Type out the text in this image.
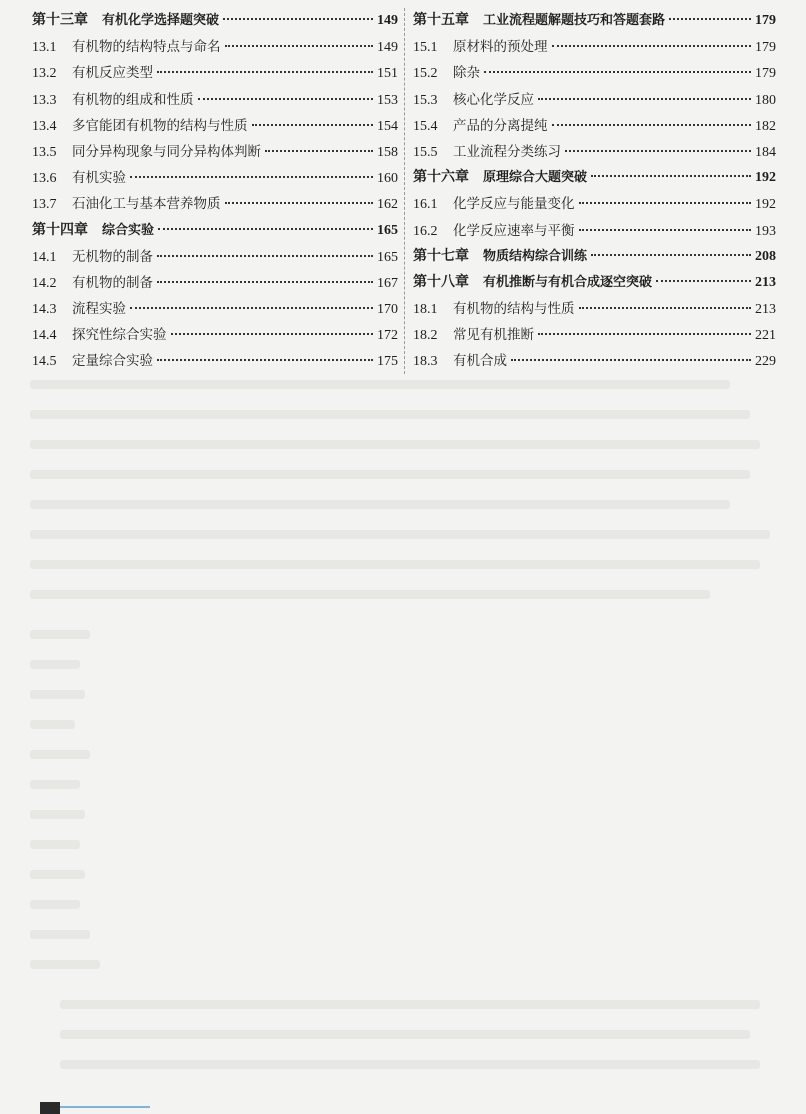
第十三章 有机化学选择题突破	149
13.1	有机物的结构特点与命名	149
13.2	有机反应类型	151
13.3	有机物的组成和性质	153
13.4	多官能团有机物的结构与性质	154
13.5	同分异构现象与同分异构体判断	158
13.6	有机实验	160
13.7	石油化工与基本营养物质	162
第十四章 综合实验	165
14.1	无机物的制备	165
14.2	有机物的制备	167
14.3	流程实验	170
14.4	探究性综合实验	172
14.5	定量综合实验	175
第十五章 工业流程题解题技巧和答题套路	179
15.1	原材料的预处理	179
15.2	除杂	179
15.3	核心化学反应	180
15.4	产品的分离提纯	182
15.5	工业流程分类练习	184
第十六章 原理综合大题突破	192
16.1	化学反应与能量变化	192
16.2	化学反应速率与平衡	193
第十七章 物质结构综合训练	208
第十八章 有机推断与有机合成逐空突破	213
18.1	有机物的结构与性质	213
18.2	常见有机推断	221
18.3	有机合成	229
